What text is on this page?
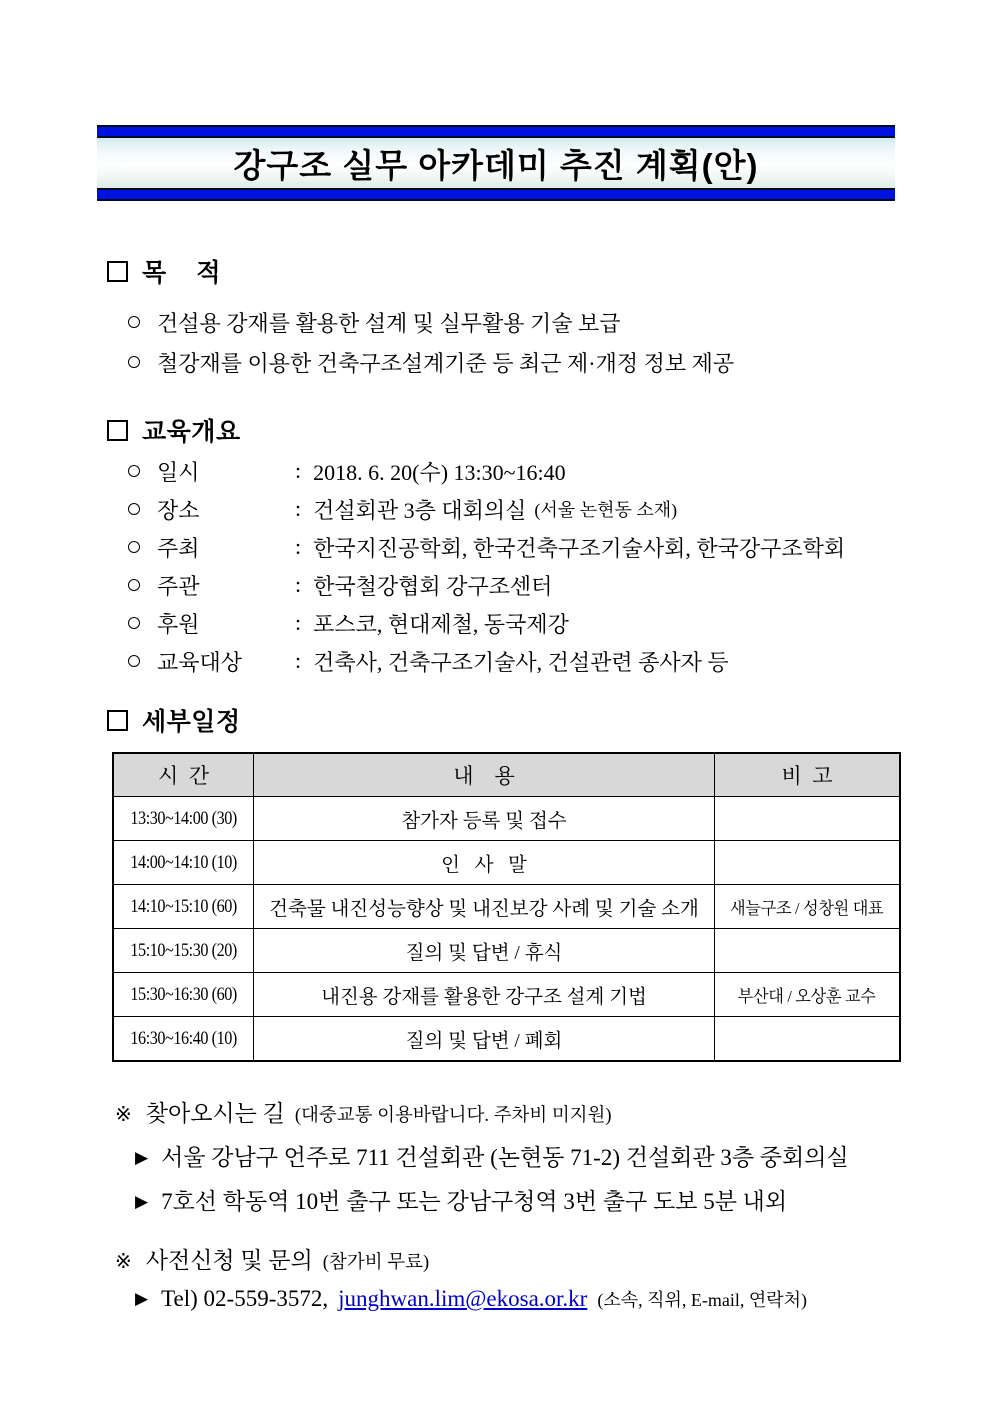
강구조 실무 아카데미 추진 계획(안)
목    적
건설용 강재를 활용한 설계 및 실무활용 기술 보급
철강재를 이용한 건축구조설계기준 등 최근 제·개정 정보 제공
교육개요
일시	: 2018. 6. 20(수) 13:30~16:40
장소	: 건설회관 3층 대회의실 (서울 논현동 소재)
주최	: 한국지진공학회, 한국건축구조기술사회, 한국강구조학회
주관	: 한국철강협회 강구조센터
후원	: 포스코, 현대제철, 동국제강
교육대상	: 건축사, 건축구조기술사, 건설관련 종사자 등
세부일정
시  간	내    용	비  고
13:30~14:00 (30)	참가자 등록 및 접수	
14:00~14:10 (10)	인   사   말	
14:10~15:10 (60)	건축물 내진성능향상 및 내진보강 사례 및 기술 소개	새늘구조 / 성창원 대표
15:10~15:30 (20)	질의 및 답변 / 휴식	
15:30~16:30 (60)	내진용 강재를 활용한 강구조 설계 기법	부산대 / 오상훈 교수
16:30~16:40 (10)	질의 및 답변 / 폐회	
※ 찾아오시는 길 (대중교통 이용바랍니다. 주차비 미지원)
▶ 서울 강남구 언주로 711 건설회관 (논현동 71-2) 건설회관 3층 중회의실
▶ 7호선 학동역 10번 출구 또는 강남구청역 3번 출구 도보 5분 내외
※ 사전신청 및 문의 (참가비 무료)
▶ Tel) 02-559-3572, junghwan.lim@ekosa.or.kr (소속, 직위, E-mail, 연락처)
